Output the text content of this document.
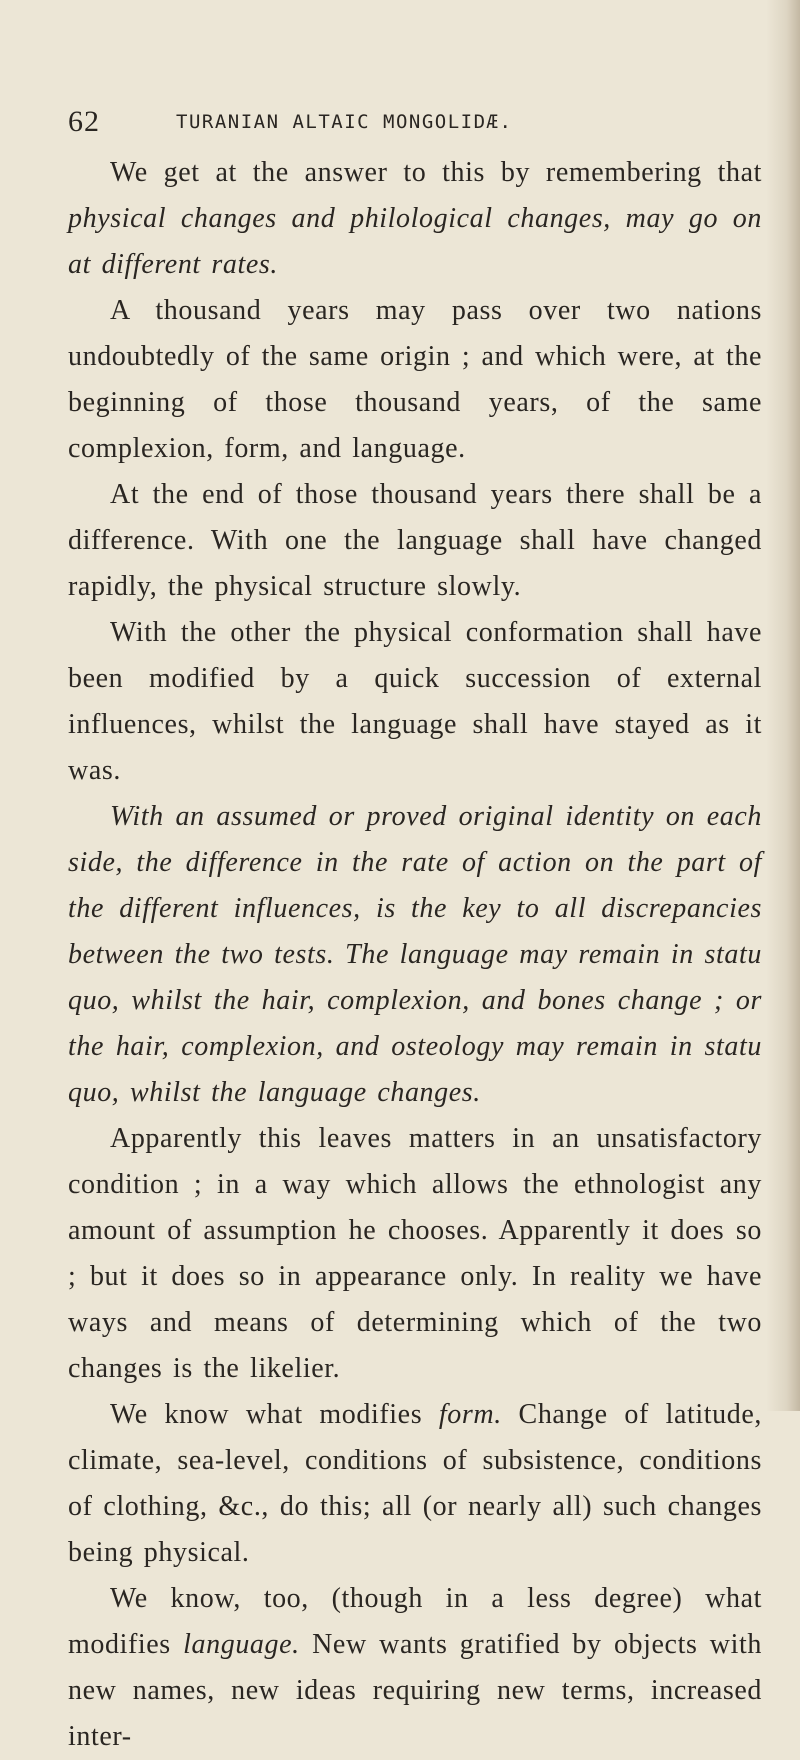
62	TURANIAN ALTAIC MONGOLIDÆ.

We get at the answer to this by remembering that physical changes and philological changes, may go on at different rates.

A thousand years may pass over two nations undoubtedly of the same origin ; and which were, at the beginning of those thousand years, of the same complexion, form, and language.

At the end of those thousand years there shall be a difference. With one the language shall have changed rapidly, the physical structure slowly.

With the other the physical conformation shall have been modified by a quick succession of external influences, whilst the language shall have stayed as it was.

With an assumed or proved original identity on each side, the difference in the rate of action on the part of the different influences, is the key to all discrepancies between the two tests. The language may remain in statu quo, whilst the hair, complexion, and bones change ; or the hair, complexion, and osteology may remain in statu quo, whilst the language changes.

Apparently this leaves matters in an unsatisfactory condition ; in a way which allows the ethnologist any amount of assumption he chooses. Apparently it does so ; but it does so in appearance only. In reality we have ways and means of determining which of the two changes is the likelier.

We know what modifies form. Change of latitude, climate, sea-level, conditions of subsistence, conditions of clothing, &c., do this; all (or nearly all) such changes being physical.

We know, too, (though in a less degree) what modifies language. New wants gratified by objects with new names, new ideas requiring new terms, increased inter-
